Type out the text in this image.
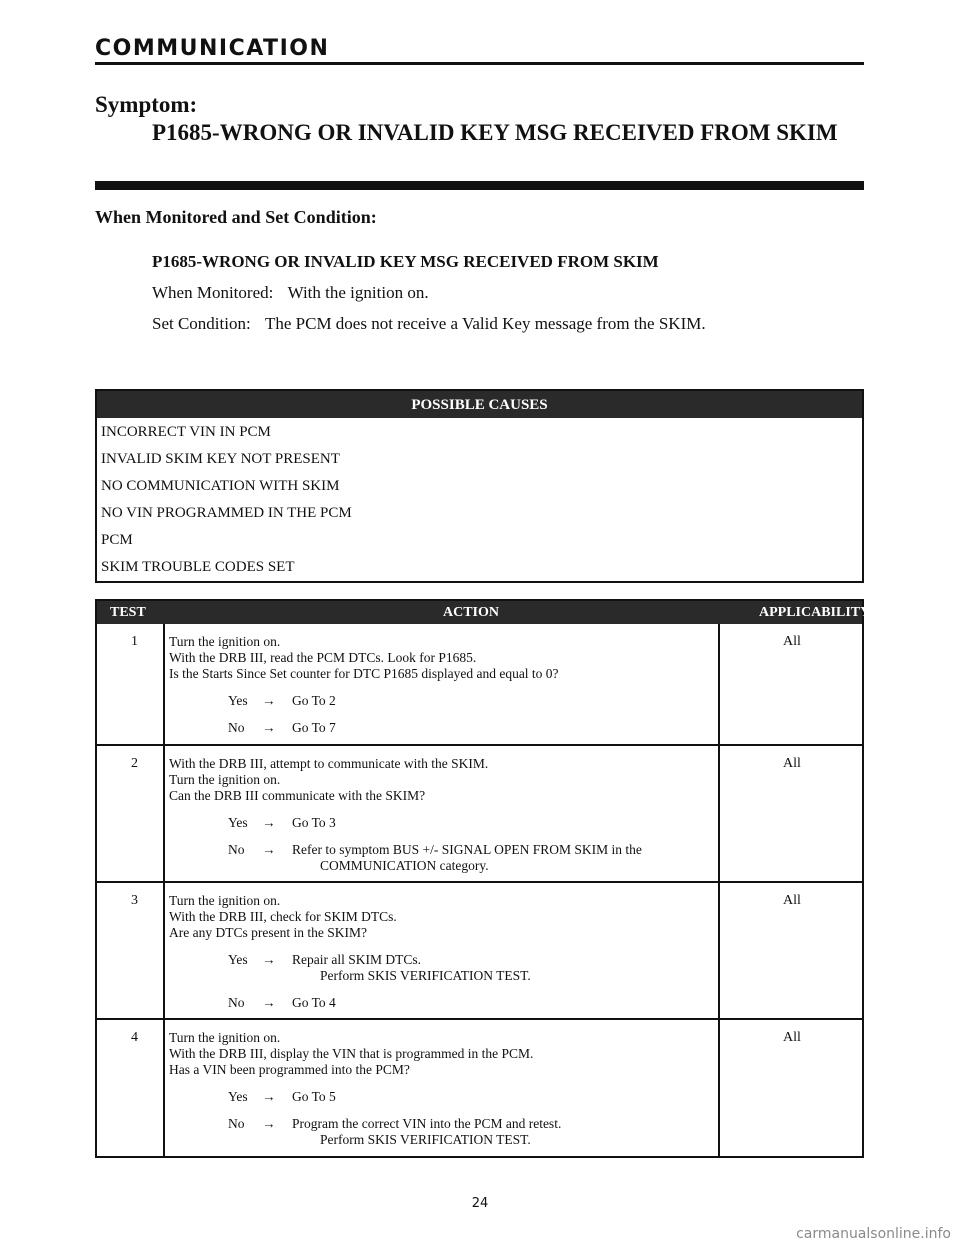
COMMUNICATION
Symptom:
P1685-WRONG OR INVALID KEY MSG RECEIVED FROM SKIM
When Monitored and Set Condition:
P1685-WRONG OR INVALID KEY MSG RECEIVED FROM SKIM
When Monitored: With the ignition on.
Set Condition: The PCM does not receive a Valid Key message from the SKIM.
POSSIBLE CAUSES
INCORRECT VIN IN PCM
INVALID SKIM KEY NOT PRESENT
NO COMMUNICATION WITH SKIM
NO VIN PROGRAMMED IN THE PCM
PCM
SKIM TROUBLE CODES SET
TEST	ACTION	APPLICABILITY
1 Turn the ignition on.
With the DRB III, read the PCM DTCs. Look for P1685.
Is the Starts Since Set counter for DTC P1685 displayed and equal to 0?
Yes → Go To 2
No → Go To 7
All
2 With the DRB III, attempt to communicate with the SKIM.
Turn the ignition on.
Can the DRB III communicate with the SKIM?
Yes → Go To 3
No → Refer to symptom BUS +/- SIGNAL OPEN FROM SKIM in the
COMMUNICATION category.
All
3 Turn the ignition on.
With the DRB III, check for SKIM DTCs.
Are any DTCs present in the SKIM?
Yes → Repair all SKIM DTCs.
Perform SKIS VERIFICATION TEST.
No → Go To 4
All
4 Turn the ignition on.
With the DRB III, display the VIN that is programmed in the PCM.
Has a VIN been programmed into the PCM?
Yes → Go To 5
No → Program the correct VIN into the PCM and retest.
Perform SKIS VERIFICATION TEST.
All
24
carmanualsonline.info
